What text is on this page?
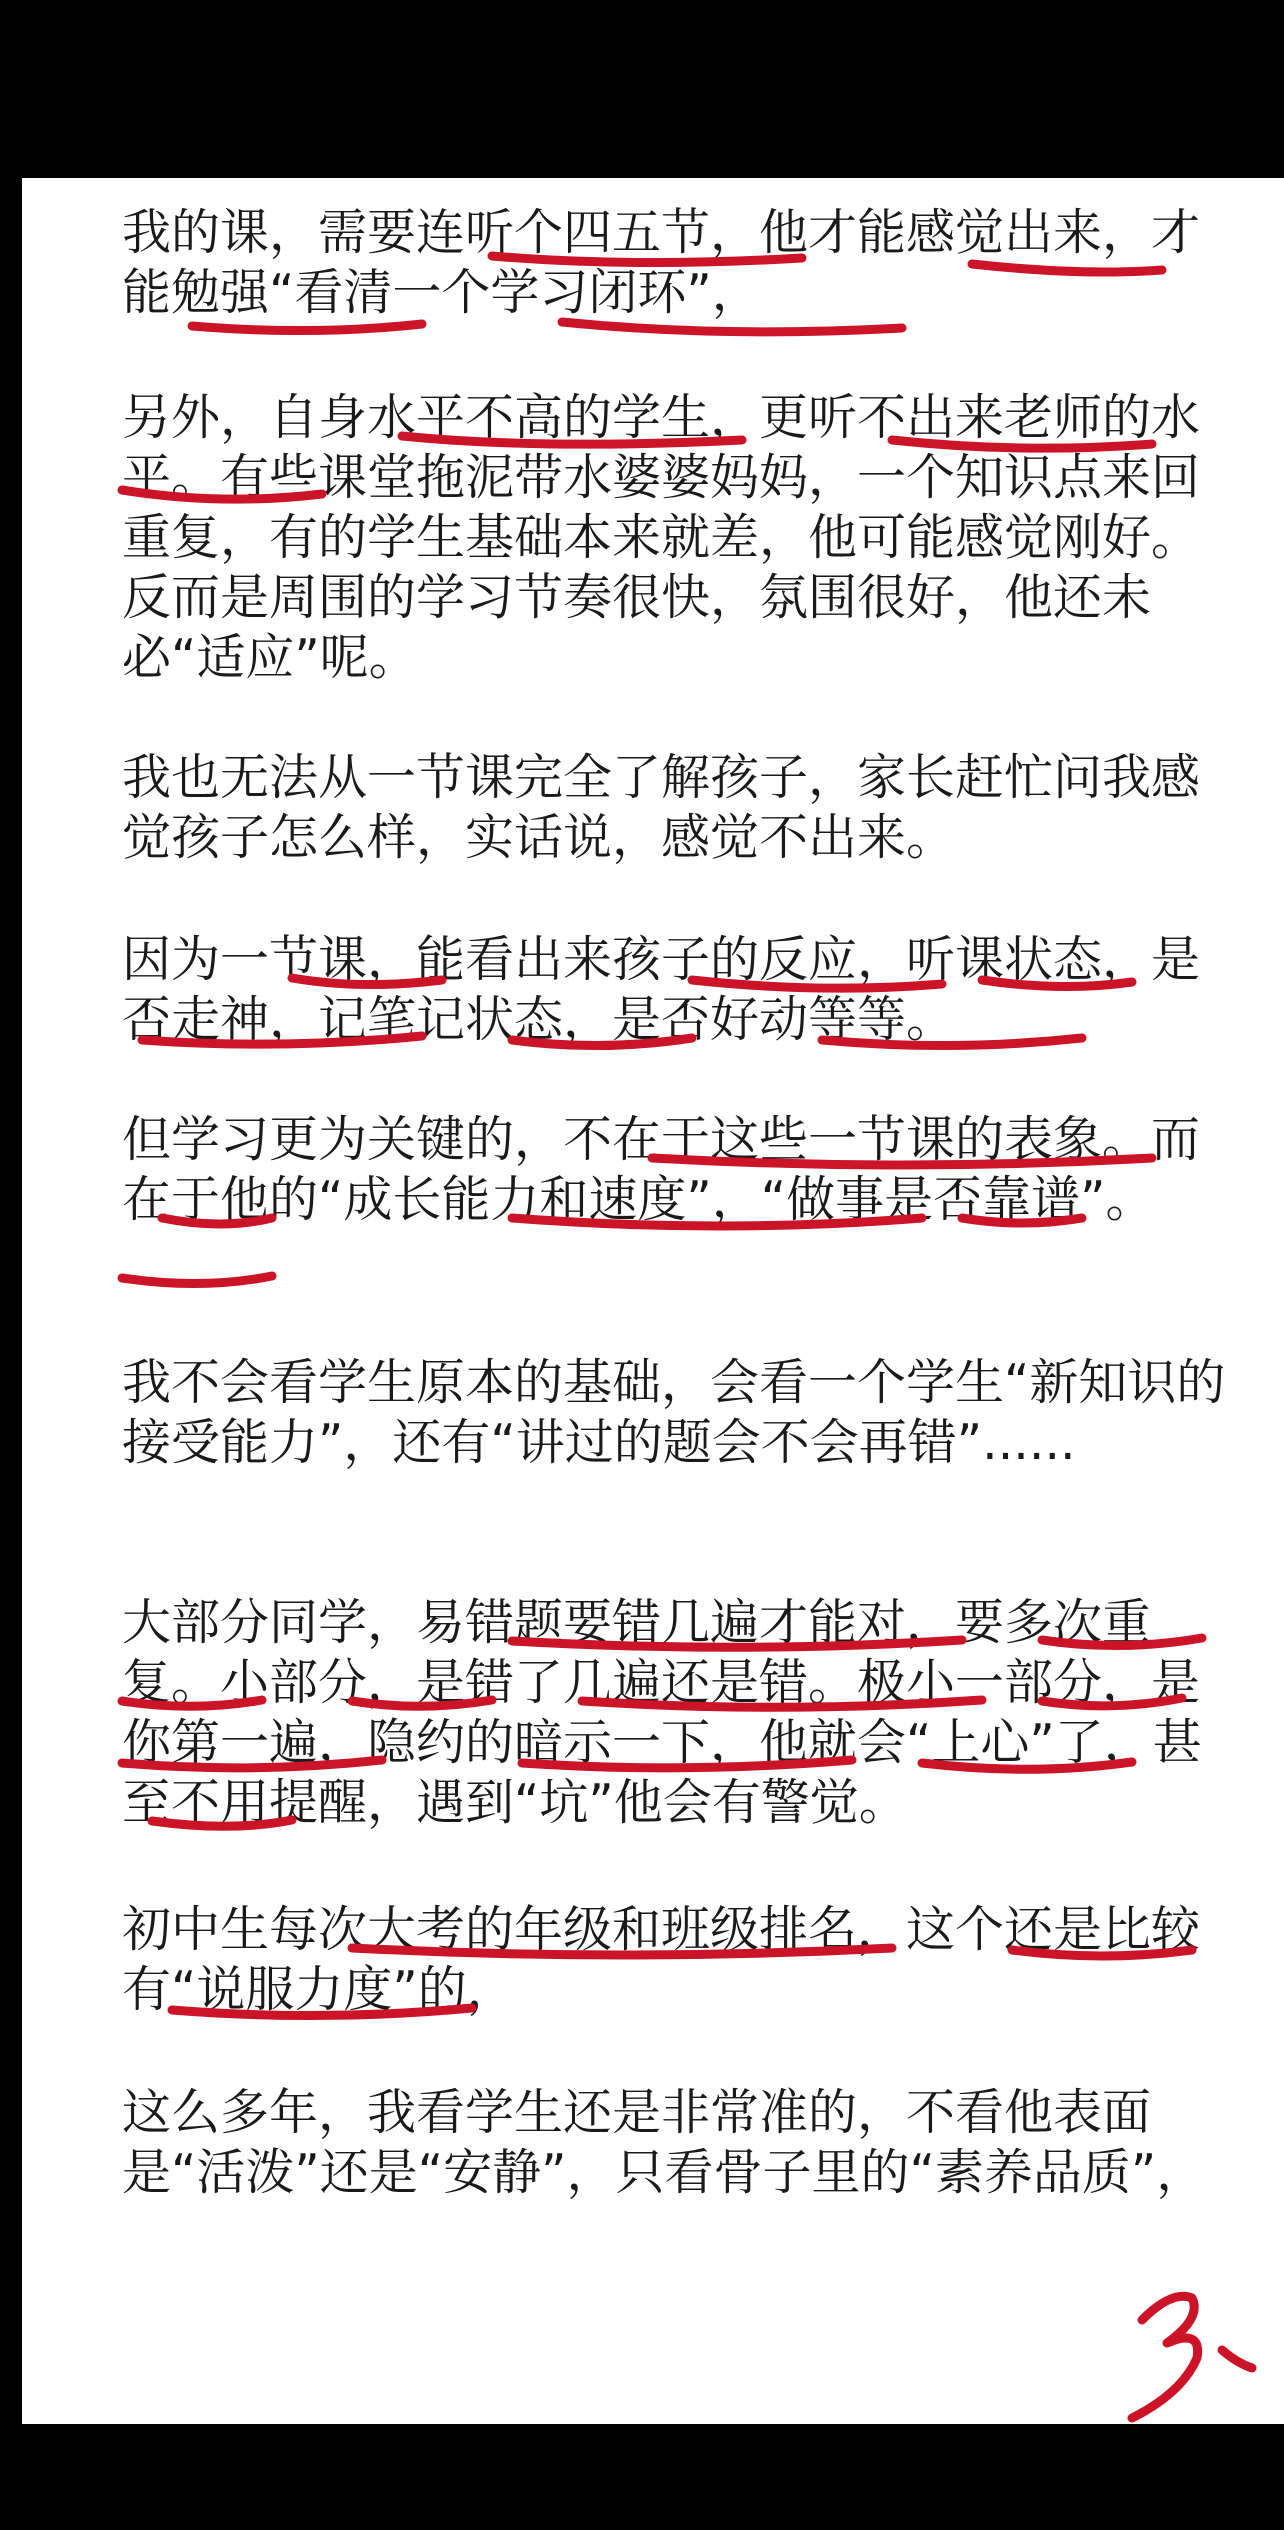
我的课，需要连听个四五节，他才能感觉出来，才能勉强“看清一个学习闭环”，

另外，自身水平不高的学生，更听不出来老师的水平。有些课堂拖泥带水婆婆妈妈，一个知识点来回重复，有的学生基础本来就差，他可能感觉刚好。反而是周围的学习节奏很快，氛围很好，他还未必“适应”呢。

我也无法从一节课完全了解孩子，家长赶忙问我感觉孩子怎么样，实话说，感觉不出来。

因为一节课，能看出来孩子的反应，听课状态，是否走神，记笔记状态，是否好动等等。

但学习更为关键的，不在于这些一节课的表象。而在于他的“成长能力和速度”，“做事是否靠谱”。

我不会看学生原本的基础，会看一个学生“新知识的接受能力”，还有“讲过的题会不会再错”......

大部分同学，易错题要错几遍才能对，要多次重复。小部分，是错了几遍还是错。极小一部分，是你第一遍，隐约的暗示一下，他就会“上心”了，甚至不用提醒，遇到“坑”他会有警觉。

初中生每次大考的年级和班级排名，这个还是比较有“说服力度”的，

这么多年，我看学生还是非常准的，不看他表面是“活泼”还是“安静”，只看骨子里的“素养品质”，
